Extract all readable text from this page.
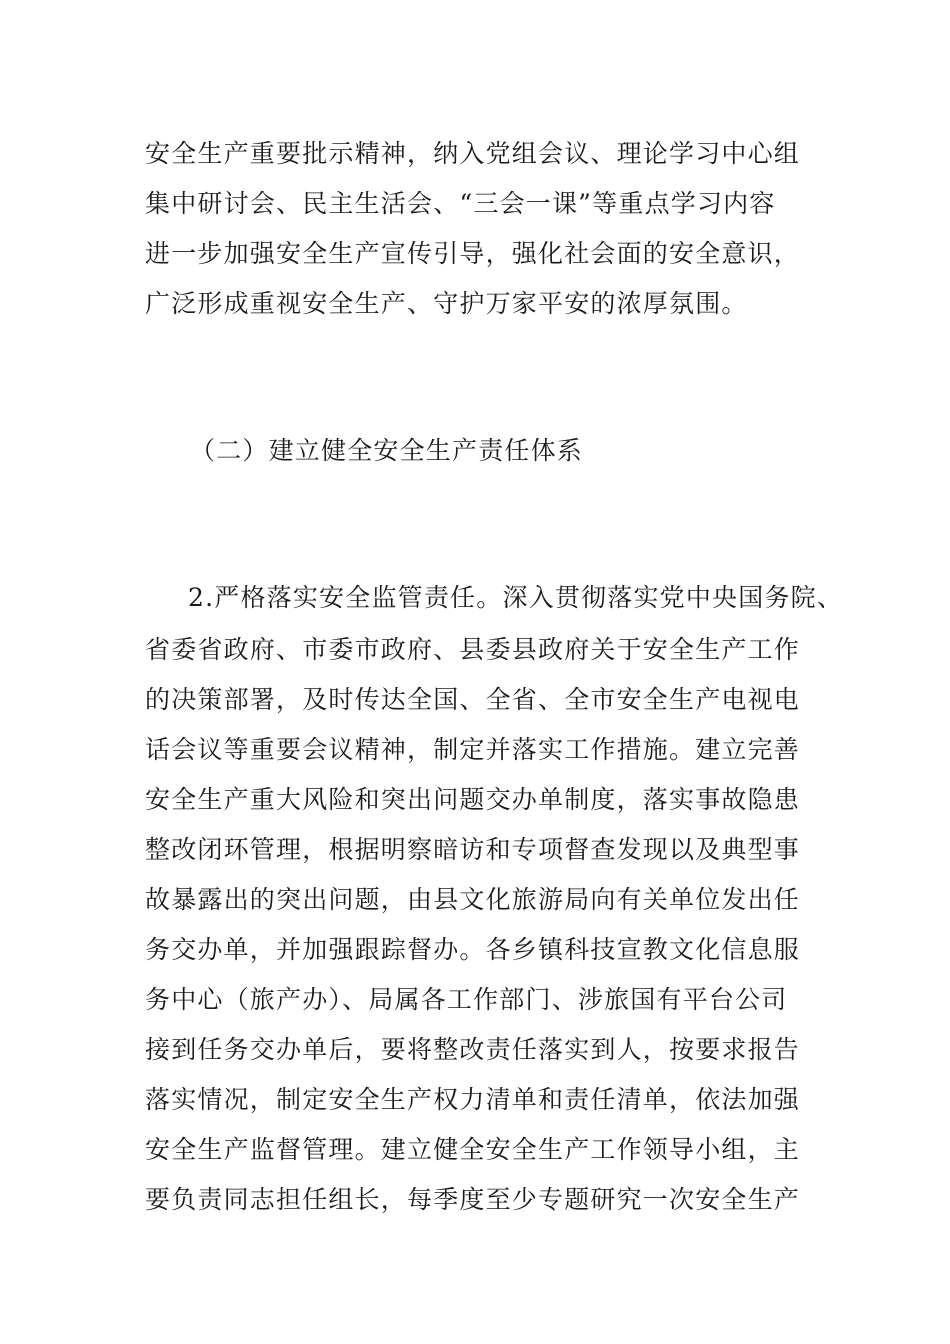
安全生产重要批示精神，纳入党组会议、理论学习中心组
集中研讨会、民主生活会、“三会一课”等重点学习内容
进一步加强安全生产宣传引导，强化社会面的安全意识，
广泛形成重视安全生产、守护万家平安的浓厚氛围。
（二）建立健全安全生产责任体系
2.严格落实安全监管责任。深入贯彻落实党中央国务院、
省委省政府、市委市政府、县委县政府关于安全生产工作
的决策部署，及时传达全国、全省、全市安全生产电视电
话会议等重要会议精神，制定并落实工作措施。建立完善
安全生产重大风险和突出问题交办单制度，落实事故隐患
整改闭环管理，根据明察暗访和专项督查发现以及典型事
故暴露出的突出问题，由县文化旅游局向有关单位发出任
务交办单，并加强跟踪督办。各乡镇科技宣教文化信息服
务中心（旅产办）、局属各工作部门、涉旅国有平台公司
接到任务交办单后，要将整改责任落实到人，按要求报告
落实情况，制定安全生产权力清单和责任清单，依法加强
安全生产监督管理。建立健全安全生产工作领导小组，主
要负责同志担任组长，每季度至少专题研究一次安全生产
